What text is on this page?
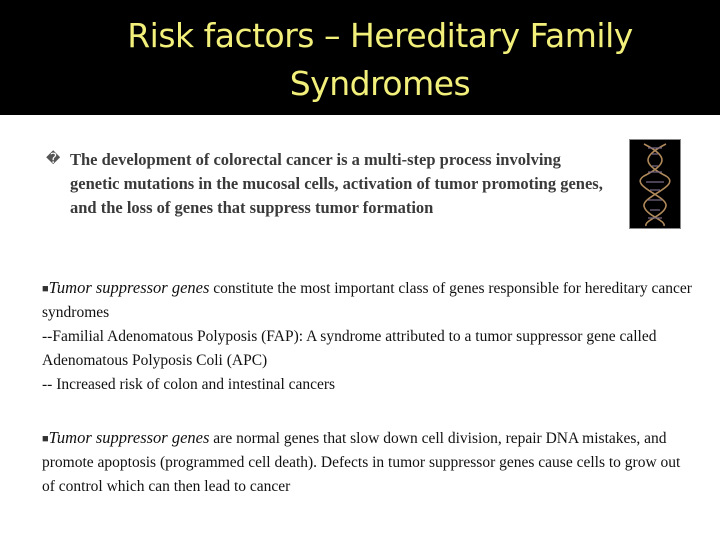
Risk factors – Hereditary Family
Syndromes
� The development of colorectal cancer is a multi-step process involving genetic mutations in the mucosal cells, activation of tumor promoting genes, and the loss of genes that suppress tumor formation
■Tumor suppressor genes constitute the most important class of genes responsible for hereditary cancer syndromes
--Familial Adenomatous Polyposis (FAP): A syndrome attributed to a tumor suppressor gene called Adenomatous Polyposis Coli (APC)
-- Increased risk of colon and intestinal cancers
■Tumor suppressor genes are normal genes that slow down cell division, repair DNA mistakes, and promote apoptosis (programmed cell death). Defects in tumor suppressor genes cause cells to grow out of control which can then lead to cancer
